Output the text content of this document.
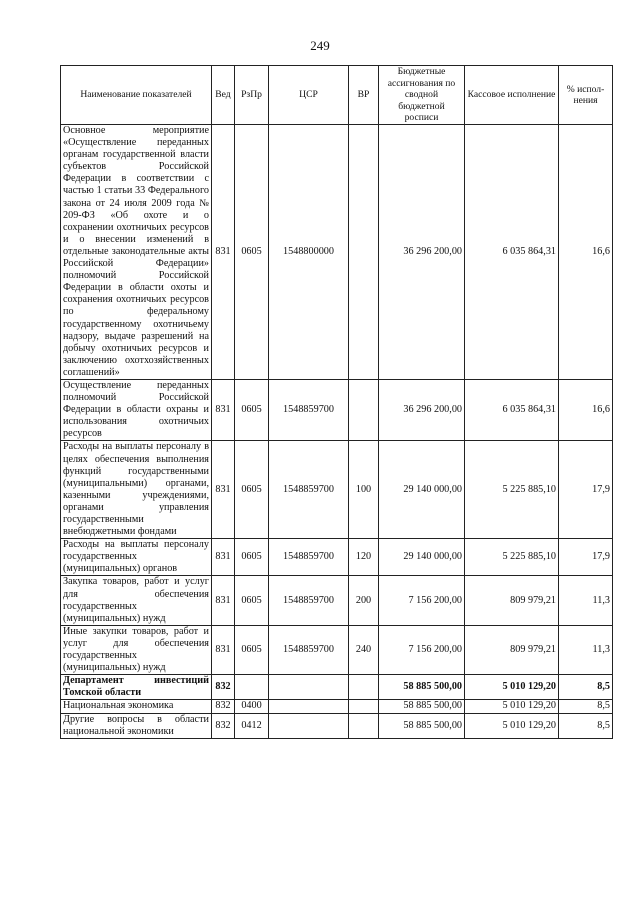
249
Наименование показателей	Вед	РзПр	ЦСР	ВР	Бюджетные ассигнования по сводной бюджетной росписи	Кассовое исполнение	% испол-нения
Основное мероприятие «Осуществление переданных органам государственной власти субъектов Российской Федерации в соответствии с частью 1 статьи 33 Федерального закона от 24 июля 2009 года № 209-ФЗ «Об охоте и о сохранении охотничьих ресурсов и о внесении изменений в отдельные законодательные акты Российской Федерации» полномочий Российской Федерации в области охоты и сохранения охотничьих ресурсов по федеральному государственному охотничьему надзору, выдаче разрешений на добычу охотничьих ресурсов и заключению охотхозяйственных соглашений»	831	0605	1548800000		36 296 200,00	6 035 864,31	16,6
Осуществление переданных полномочий Российской Федерации в области охраны и использования охотничьих ресурсов	831	0605	1548859700		36 296 200,00	6 035 864,31	16,6
Расходы на выплаты персоналу в целях обеспечения выполнения функций государственными (муниципальными) органами, казенными учреждениями, органами управления государственными внебюджетными фондами	831	0605	1548859700	100	29 140 000,00	5 225 885,10	17,9
Расходы на выплаты персоналу государственных (муниципальных) органов	831	0605	1548859700	120	29 140 000,00	5 225 885,10	17,9
Закупка товаров, работ и услуг для обеспечения государственных (муниципальных) нужд	831	0605	1548859700	200	7 156 200,00	809 979,21	11,3
Иные закупки товаров, работ и услуг для обеспечения государственных (муниципальных) нужд	831	0605	1548859700	240	7 156 200,00	809 979,21	11,3
Департамент инвестиций Томской области	832				58 885 500,00	5 010 129,20	8,5
Национальная экономика	832	0400			58 885 500,00	5 010 129,20	8,5
Другие вопросы в области национальной экономики	832	0412			58 885 500,00	5 010 129,20	8,5
